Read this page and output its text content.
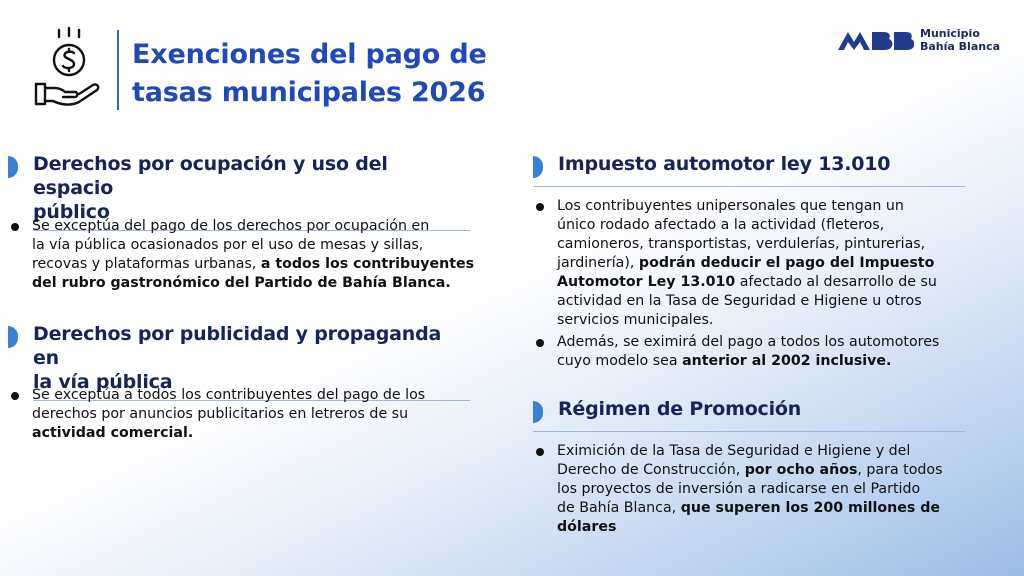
Exenciones del pago de
tasas municipales 2026
Municipio
Bahía Blanca
Derechos por ocupación y uso del espacio
público
Se exceptúa del pago de los derechos por ocupación en
la vía pública ocasionados por el uso de mesas y sillas,
recovas y plataformas urbanas, a todos los contribuyentes
del rubro gastronómico del Partido de Bahía Blanca.
Derechos por publicidad y propaganda en
la vía pública
Se exceptúa a todos los contribuyentes del pago de los
derechos por anuncios publicitarios en letreros de su
actividad comercial.
Impuesto automotor ley 13.010
Los contribuyentes unipersonales que tengan un
único rodado afectado a la actividad (fleteros,
camioneros, transportistas, verdulerías, pinturerias,
jardinería), podrán deducir el pago del Impuesto
Automotor Ley 13.010 afectado al desarrollo de su
actividad en la Tasa de Seguridad e Higiene u otros
servicios municipales.
Además, se eximirá del pago a todos los automotores
cuyo modelo sea anterior al 2002 inclusive.
Régimen de Promoción
Eximición de la Tasa de Seguridad e Higiene y del
Derecho de Construcción, por ocho años, para todos
los proyectos de inversión a radicarse en el Partido
de Bahía Blanca, que superen los 200 millones de
dólares
